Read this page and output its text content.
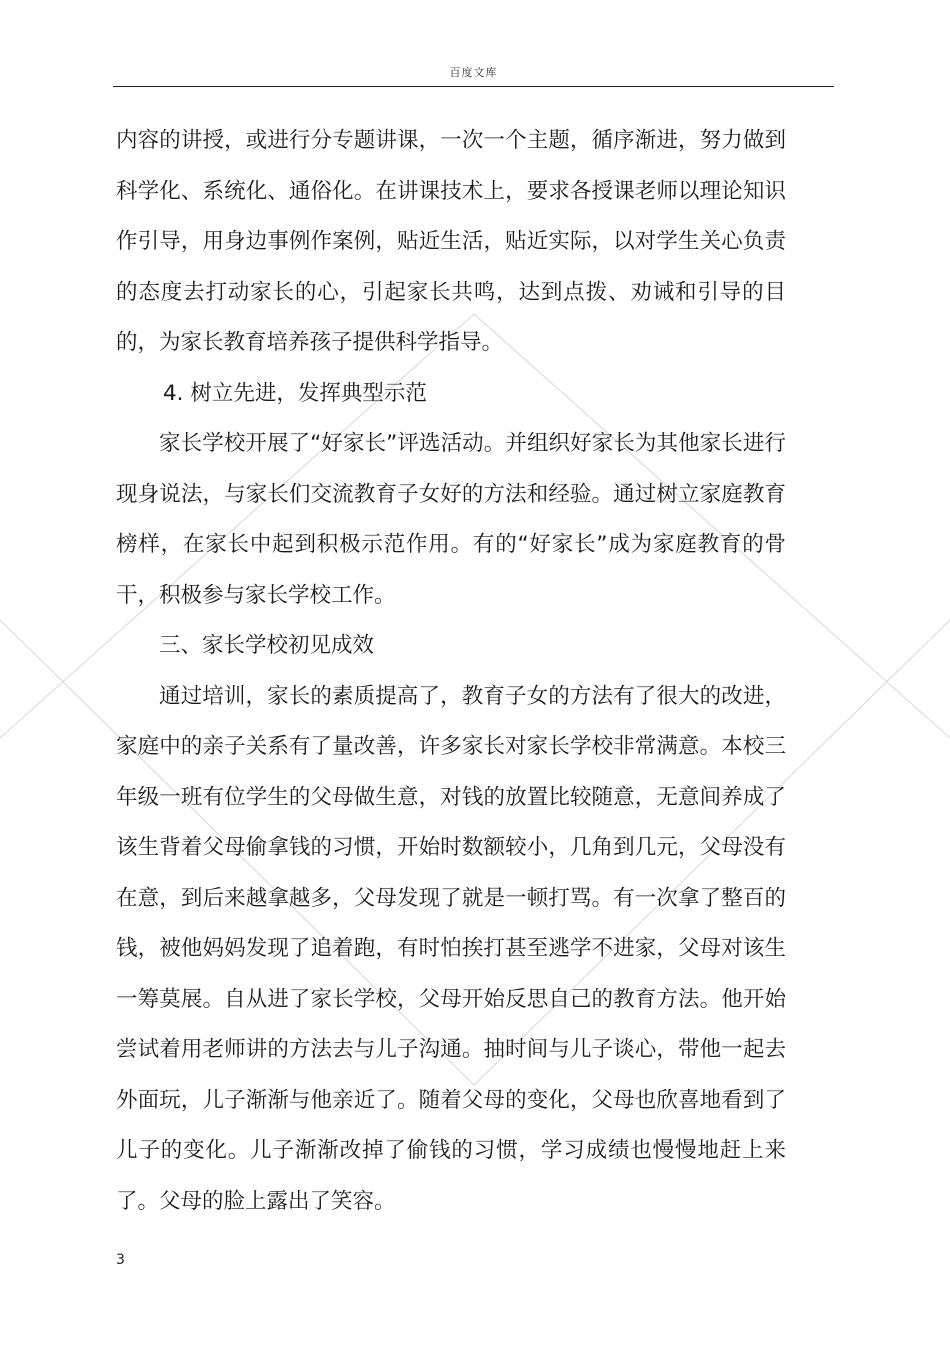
百度文库

内容的讲授，或进行分专题讲课，一次一个主题，循序渐进，努力做到科学化、系统化、通俗化。在讲课技术上，要求各授课老师以理论知识作引导，用身边事例作案例，贴近生活，贴近实际，以对学生关心负责的态度去打动家长的心，引起家长共鸣，达到点拨、劝诫和引导的目的，为家长教育培养孩子提供科学指导。

4. 树立先进，发挥典型示范

家长学校开展了“好家长”评选活动。并组织好家长为其他家长进行现身说法，与家长们交流教育子女好的方法和经验。通过树立家庭教育榜样，在家长中起到积极示范作用。有的“好家长”成为家庭教育的骨干，积极参与家长学校工作。

三、家长学校初见成效

通过培训，家长的素质提高了，教育子女的方法有了很大的改进，家庭中的亲子关系有了量改善，许多家长对家长学校非常满意。本校三年级一班有位学生的父母做生意，对钱的放置比较随意，无意间养成了该生背着父母偷拿钱的习惯，开始时数额较小，几角到几元，父母没有在意，到后来越拿越多，父母发现了就是一顿打骂。有一次拿了整百的钱，被他妈妈发现了追着跑，有时怕挨打甚至逃学不进家，父母对该生一筹莫展。自从进了家长学校，父母开始反思自己的教育方法。他开始尝试着用老师讲的方法去与儿子沟通。抽时间与儿子谈心，带他一起去外面玩，儿子渐渐与他亲近了。随着父母的变化，父母也欣喜地看到了儿子的变化。儿子渐渐改掉了偷钱的习惯，学习成绩也慢慢地赶上来了。父母的脸上露出了笑容。

3
